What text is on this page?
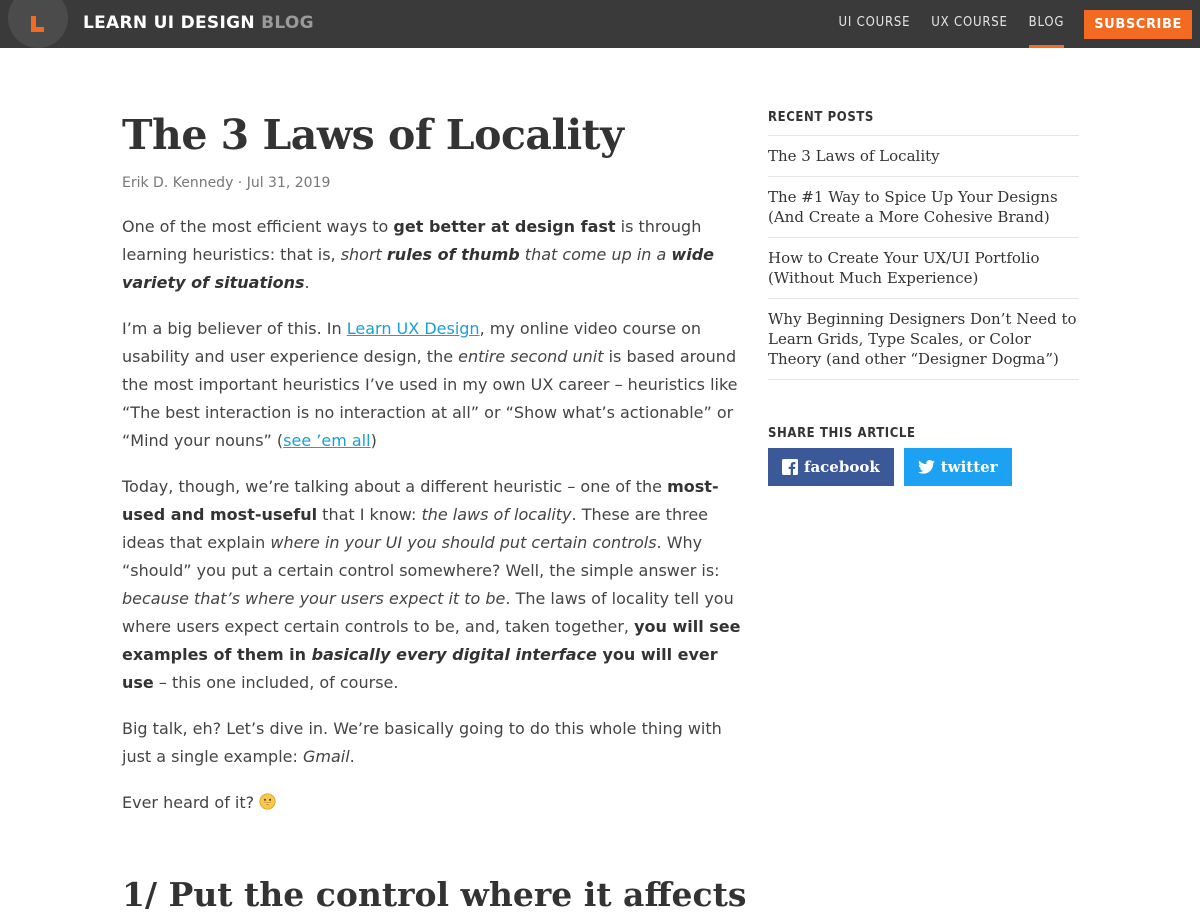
LEARN UI DESIGN BLOG	UI COURSE UX COURSE BLOG	SUBSCRIBE
The 3 Laws of Locality
Erik D. Kennedy · Jul 31, 2019

One of the most efficient ways to get better at design fast is through learning heuristics: that is, short rules of thumb that come up in a wide variety of situations.

I’m a big believer of this. In Learn UX Design, my online video course on usability and user experience design, the entire second unit is based around the most important heuristics I’ve used in my own UX career – heuristics like “The best interaction is no interaction at all” or “Show what’s actionable” or “Mind your nouns” (see ’em all)

Today, though, we’re talking about a different heuristic – one of the most-used and most-useful that I know: the laws of locality. These are three ideas that explain where in your UI you should put certain controls. Why “should” you put a certain control somewhere? Well, the simple answer is: because that’s where your users expect it to be. The laws of locality tell you where users expect certain controls to be, and, taken together, you will see examples of them in basically every digital interface you will ever use – this one included, of course.

Big talk, eh? Let’s dive in. We’re basically going to do this whole thing with just a single example: Gmail.

Ever heard of it?

1/ Put the control where it affects
RECENT POSTS
The 3 Laws of Locality
The #1 Way to Spice Up Your Designs (And Create a More Cohesive Brand)
How to Create Your UX/UI Portfolio (Without Much Experience)
Why Beginning Designers Don’t Need to Learn Grids, Type Scales, or Color Theory (and other “Designer Dogma”)
SHARE THIS ARTICLE
facebook	twitter
